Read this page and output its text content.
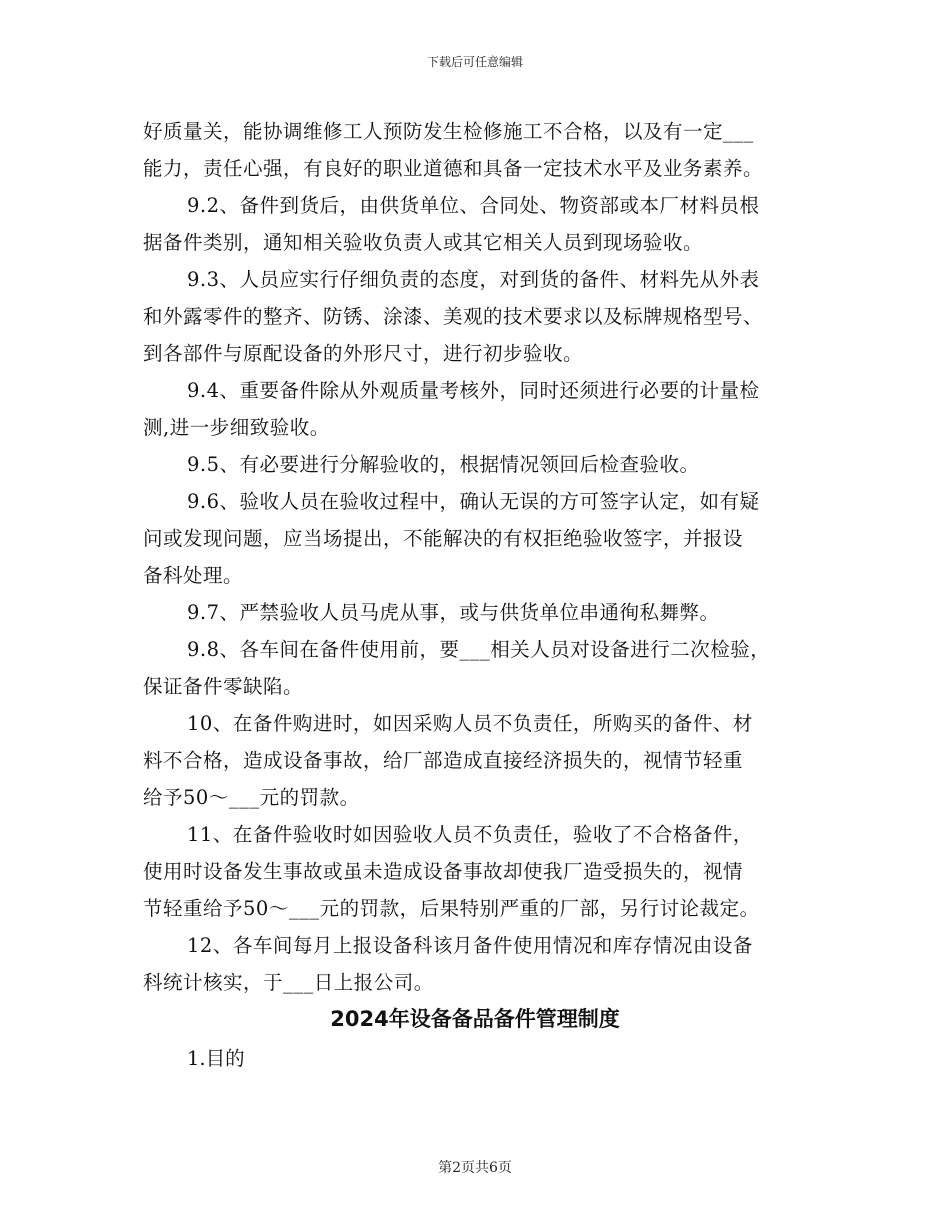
下载后可任意编辑
好质量关，能协调维修工人预防发生检修施工不合格，以及有一定___
能力，责任心强，有良好的职业道德和具备一定技术水平及业务素养。
9.2、备件到货后，由供货单位、合同处、物资部或本厂材料员根
据备件类别，通知相关验收负责人或其它相关人员到现场验收。
9.3、人员应实行仔细负责的态度，对到货的备件、材料先从外表
和外露零件的整齐、防锈、涂漆、美观的技术要求以及标牌规格型号、
到各部件与原配设备的外形尺寸，进行初步验收。
9.4、重要备件除从外观质量考核外，同时还须进行必要的计量检
测,进一步细致验收。
9.5、有必要进行分解验收的，根据情况领回后检查验收。
9.6、验收人员在验收过程中，确认无误的方可签字认定，如有疑
问或发现问题，应当场提出，不能解决的有权拒绝验收签字，并报设
备科处理。
9.7、严禁验收人员马虎从事，或与供货单位串通徇私舞弊。
9.8、各车间在备件使用前，要___相关人员对设备进行二次检验，
保证备件零缺陷。
10、在备件购进时，如因采购人员不负责任，所购买的备件、材
料不合格，造成设备事故，给厂部造成直接经济损失的，视情节轻重
给予50～___元的罚款。
11、在备件验收时如因验收人员不负责任，验收了不合格备件，
使用时设备发生事故或虽未造成设备事故却使我厂造受损失的，视情
节轻重给予50～___元的罚款，后果特别严重的厂部，另行讨论裁定。
12、各车间每月上报设备科该月备件使用情况和库存情况由设备
科统计核实，于___日上报公司。
2024年设备备品备件管理制度
1.目的
第2页共6页
